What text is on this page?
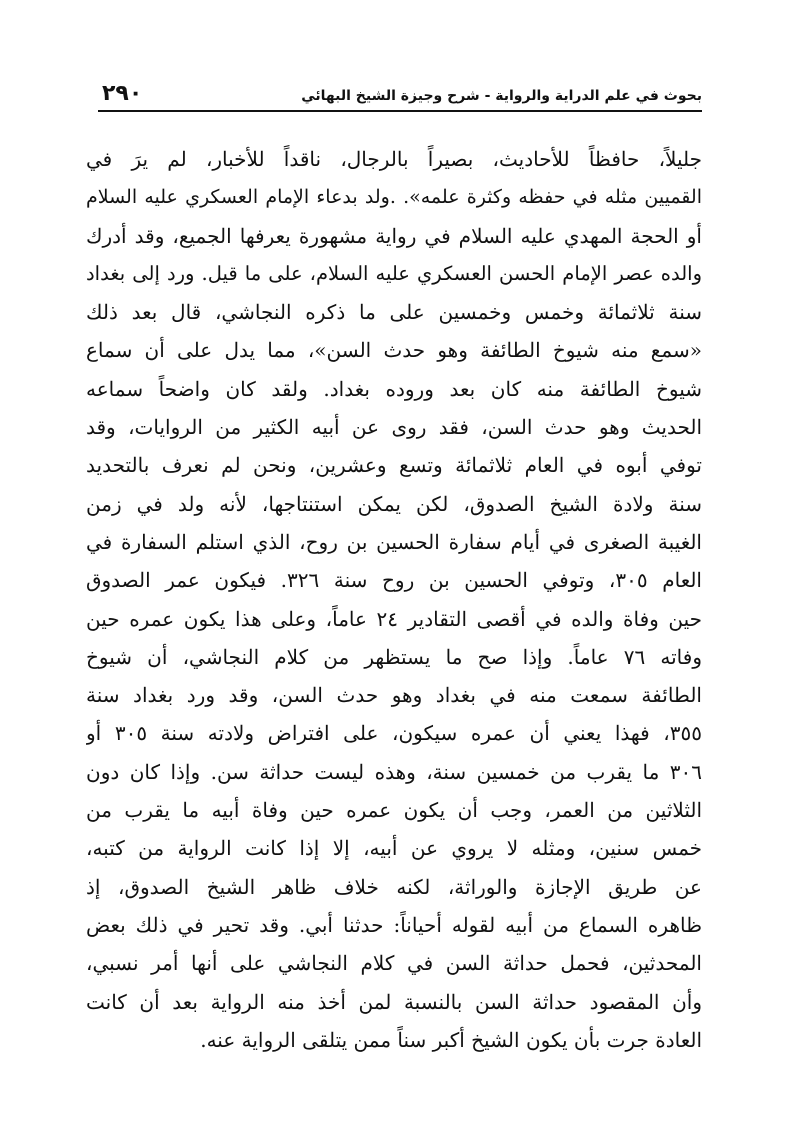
٢٩٠	بحوث في علم الدراية والرواية - شرح وجيزة الشيخ البهائي
جليلاً، حافظاً للأحاديث، بصيراً بالرجال، ناقداً للأخبار، لم يرَ في
القميين مثله في حفظه وكثرة علمه». .ولد بدعاء الإمام العسكري عليه السلام
أو الحجة المهدي عليه السلام في رواية مشهورة يعرفها الجميع، وقد أدرك
والده عصر الإمام الحسن العسكري عليه السلام، على ما قيل. ورد إلى بغداد
سنة ثلاثمائة وخمس وخمسين على ما ذكره النجاشي، قال بعد ذلك
«سمع منه شيوخ الطائفة وهو حدث السن»، مما يدل على أن سماع
شيوخ الطائفة منه كان بعد وروده بغداد. ولقد كان واضحاً سماعه
الحديث وهو حدث السن، فقد روى عن أبيه الكثير من الروايات، وقد
توفي أبوه في العام ثلاثمائة وتسع وعشرين، ونحن لم نعرف بالتحديد
سنة ولادة الشيخ الصدوق، لكن يمكن استنتاجها، لأنه ولد في زمن
الغيبة الصغرى في أيام سفارة الحسين بن روح، الذي استلم السفارة في
العام ٣٠٥، وتوفي الحسين بن روح سنة ٣٢٦. فيكون عمر الصدوق
حين وفاة والده في أقصى التقادير ٢٤ عاماً، وعلى هذا يكون عمره حين
وفاته ٧٦ عاماً. وإذا صح ما يستظهر من كلام النجاشي، أن شيوخ
الطائفة سمعت منه في بغداد وهو حدث السن، وقد ورد بغداد سنة
٣٥٥، فهذا يعني أن عمره سيكون، على افتراض ولادته سنة ٣٠٥ أو
٣٠٦ ما يقرب من خمسين سنة، وهذه ليست حداثة سن. وإذا كان دون
الثلاثين من العمر، وجب أن يكون عمره حين وفاة أبيه ما يقرب من
خمس سنين، ومثله لا يروي عن أبيه، إلا إذا كانت الرواية من كتبه،
عن طريق الإجازة والوراثة، لكنه خلاف ظاهر الشيخ الصدوق، إذ
ظاهره السماع من أبيه لقوله أحياناً: حدثنا أبي. وقد تحير في ذلك بعض
المحدثين، فحمل حداثة السن في كلام النجاشي على أنها أمر نسبي،
وأن المقصود حداثة السن بالنسبة لمن أخذ منه الرواية بعد أن كانت
العادة جرت بأن يكون الشيخ أكبر سناً ممن يتلقى الرواية عنه.
